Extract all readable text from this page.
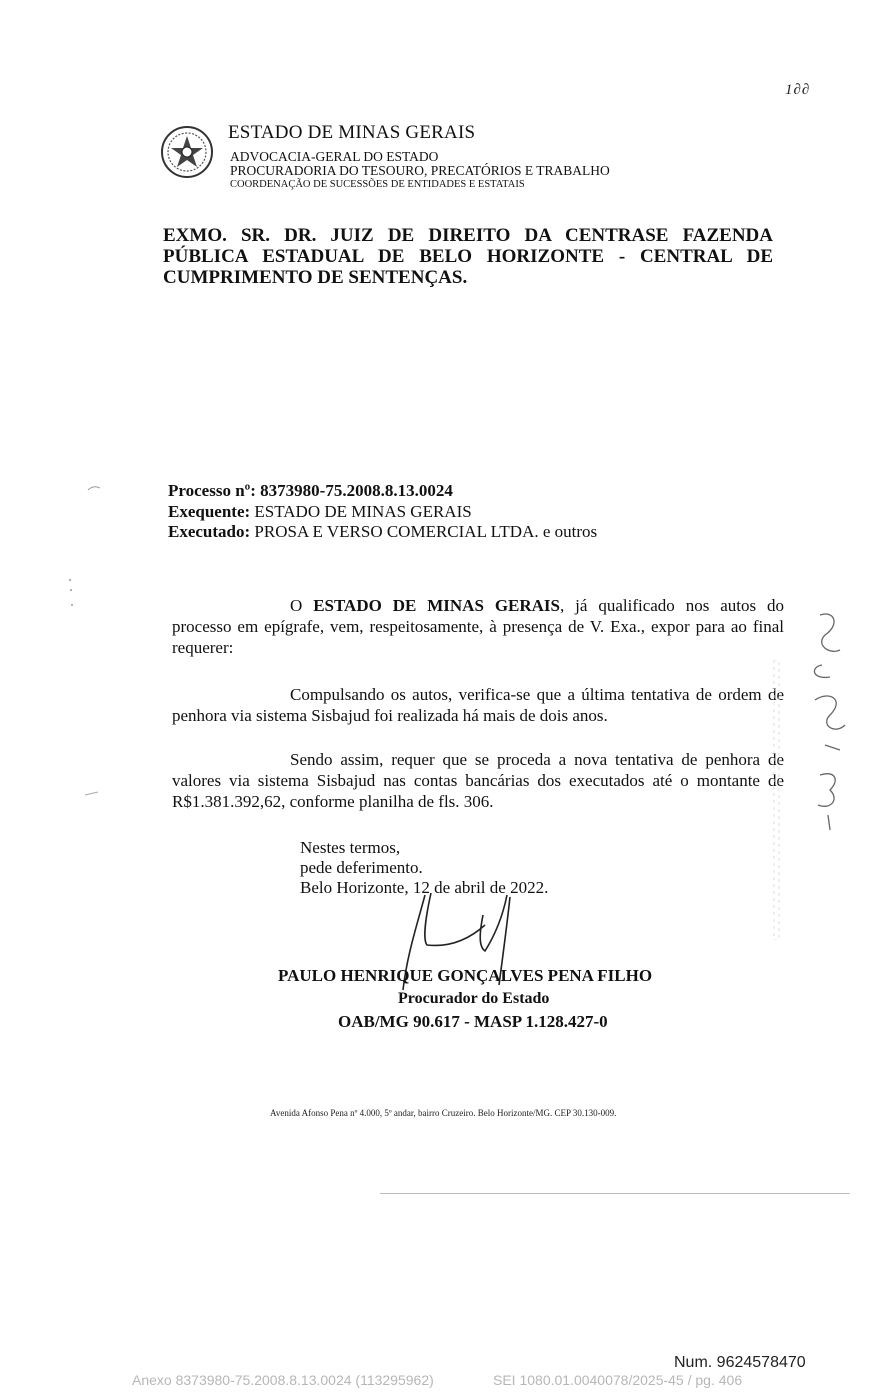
1∂∂
ESTADO DE MINAS GERAIS
ADVOCACIA-GERAL DO ESTADO
PROCURADORIA DO TESOURO, PRECATÓRIOS E TRABALHO
COORDENAÇÃO DE SUCESSÕES DE ENTIDADES E ESTATAIS
EXMO. SR. DR. JUIZ DE DIREITO DA CENTRASE FAZENDA
PÚBLICA ESTADUAL DE BELO HORIZONTE - CENTRAL DE
CUMPRIMENTO DE SENTENÇAS.
Processo nº: 8373980-75.2008.8.13.0024
Exequente: ESTADO DE MINAS GERAIS
Executado: PROSA E VERSO COMERCIAL LTDA. e outros
O ESTADO DE MINAS GERAIS, já qualificado nos autos do processo em epígrafe, vem, respeitosamente, à presença de V. Exa., expor para ao final requerer:
Compulsando os autos, verifica-se que a última tentativa de ordem de penhora via sistema Sisbajud foi realizada há mais de dois anos.
Sendo assim, requer que se proceda a nova tentativa de penhora de valores via sistema Sisbajud nas contas bancárias dos executados até o montante de R$1.381.392,62, conforme planilha de fls. 306.
Nestes termos,
pede deferimento.
Belo Horizonte, 12 de abril de 2022.
PAULO HENRIQUE GONÇALVES PENA FILHO
Procurador do Estado
OAB/MG 90.617 - MASP 1.128.427-0
Avenida Afonso Pena nº 4.000, 5º andar, bairro Cruzeiro. Belo Horizonte/MG. CEP 30.130-009.
Num. 9624578470
Anexo 8373980-75.2008.8.13.0024 (113295962)	SEI 1080.01.0040078/2025-45 / pg. 406
